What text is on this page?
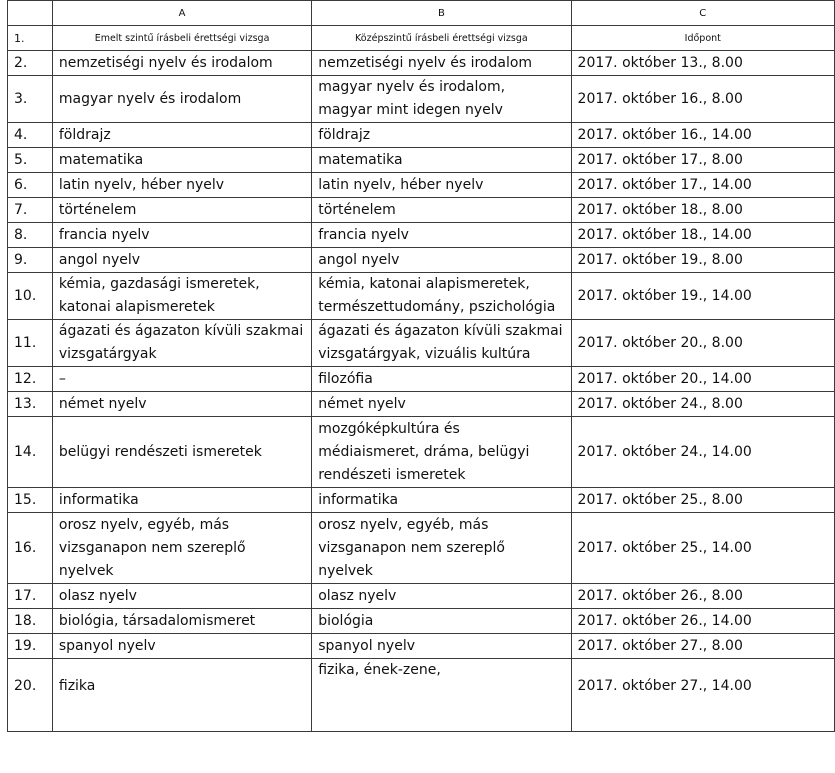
	A	B	C
1.	Emelt szintű írásbeli érettségi vizsga	Középszintű írásbeli érettségi vizsga	Időpont

2.	nemzetiségi nyelv és irodalom	nemzetiségi nyelv és irodalom	2017. október 13., 8.00

3.	magyar nyelv és irodalom	magyar nyelv és irodalom,
magyar mint idegen nyelv	2017. október 16., 8.00

4.	földrajz	földrajz	2017. október 16., 14.00

5.	matematika	matematika	2017. október 17., 8.00

6.	latin nyelv, héber nyelv	latin nyelv, héber nyelv	2017. október 17., 14.00

7.	történelem	történelem	2017. október 18., 8.00

8.	francia nyelv	francia nyelv	2017. október 18., 14.00

9.	angol nyelv	angol nyelv	2017. október 19., 8.00

10.	kémia, gazdasági ismeretek,
katonai alapismeretek	kémia, katonai alapismeretek,
természettudomány, pszichológia	2017. október 19., 14.00

11.	ágazati és ágazaton kívüli szakmai
vizsgatárgyak	ágazati és ágazaton kívüli szakmai
vizsgatárgyak, vizuális kultúra	2017. október 20., 8.00

12.	–	filozófia	2017. október 20., 14.00

13.	német nyelv	német nyelv	2017. október 24., 8.00

14.	belügyi rendészeti ismeretek	mozgóképkultúra és
médiaismeret, dráma, belügyi
rendészeti ismeretek	2017. október 24., 14.00

15.	informatika	informatika	2017. október 25., 8.00

16.	orosz nyelv, egyéb, más
vizsganapon nem szereplő
nyelvek	orosz nyelv, egyéb, más
vizsganapon nem szereplő
nyelvek	2017. október 25., 14.00

17.	olasz nyelv	olasz nyelv	2017. október 26., 8.00

18.	biológia, társadalomismeret	biológia	2017. október 26., 14.00

19.	spanyol nyelv	spanyol nyelv	2017. október 27., 8.00

20.	fizika	fizika, ének-zene,	2017. október 27., 14.00
